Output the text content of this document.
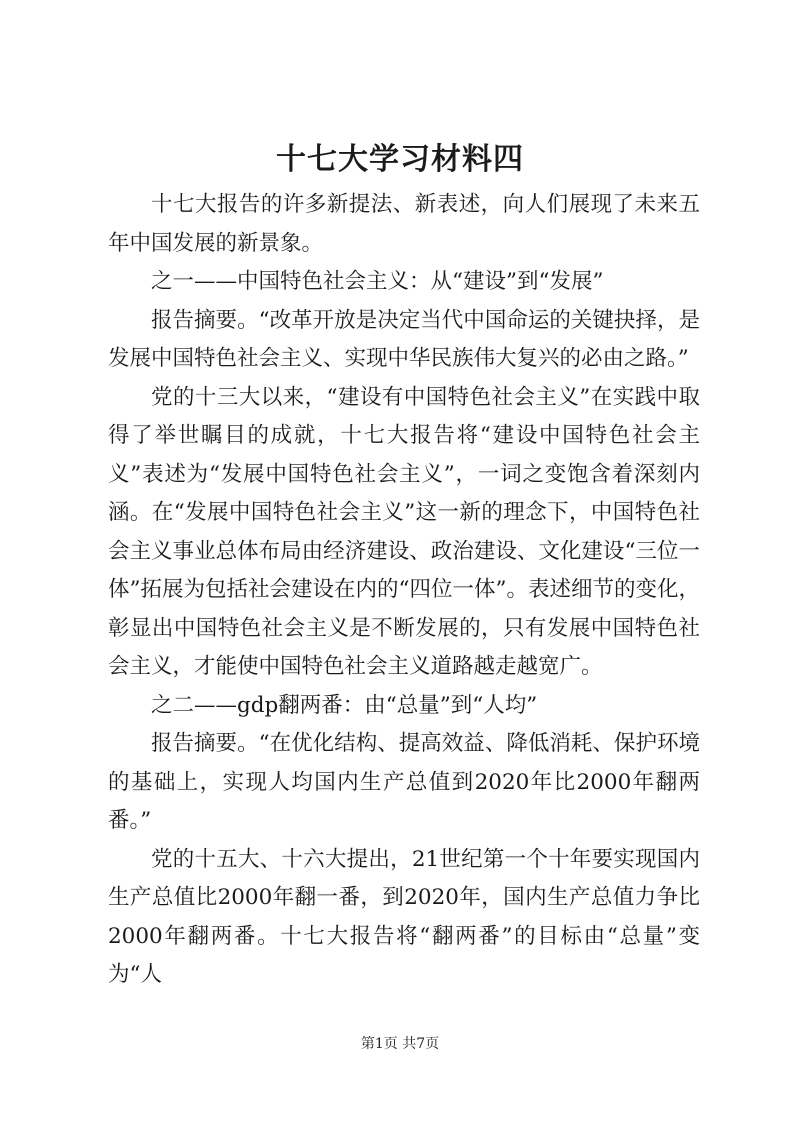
十七大学习材料四

十七大报告的许多新提法、新表述，向人们展现了未来五年中国发展的新景象。

之一——中国特色社会主义：从“建设”到“发展”

报告摘要。“改革开放是决定当代中国命运的关键抉择，是发展中国特色社会主义、实现中华民族伟大复兴的必由之路。”

党的十三大以来，“建设有中国特色社会主义”在实践中取得了举世瞩目的成就，十七大报告将“建设中国特色社会主义”表述为“发展中国特色社会主义”，一词之变饱含着深刻内涵。在“发展中国特色社会主义”这一新的理念下，中国特色社会主义事业总体布局由经济建设、政治建设、文化建设“三位一体”拓展为包括社会建设在内的“四位一体”。表述细节的变化，彰显出中国特色社会主义是不断发展的，只有发展中国特色社会主义，才能使中国特色社会主义道路越走越宽广。

之二——gdp翻两番：由“总量”到“人均”

报告摘要。“在优化结构、提高效益、降低消耗、保护环境的基础上，实现人均国内生产总值到2020年比2000年翻两番。”

党的十五大、十六大提出，21世纪第一个十年要实现国内生产总值比2000年翻一番，到2020年，国内生产总值力争比2000年翻两番。十七大报告将“翻两番”的目标由“总量”变为“人

第1页 共7页
